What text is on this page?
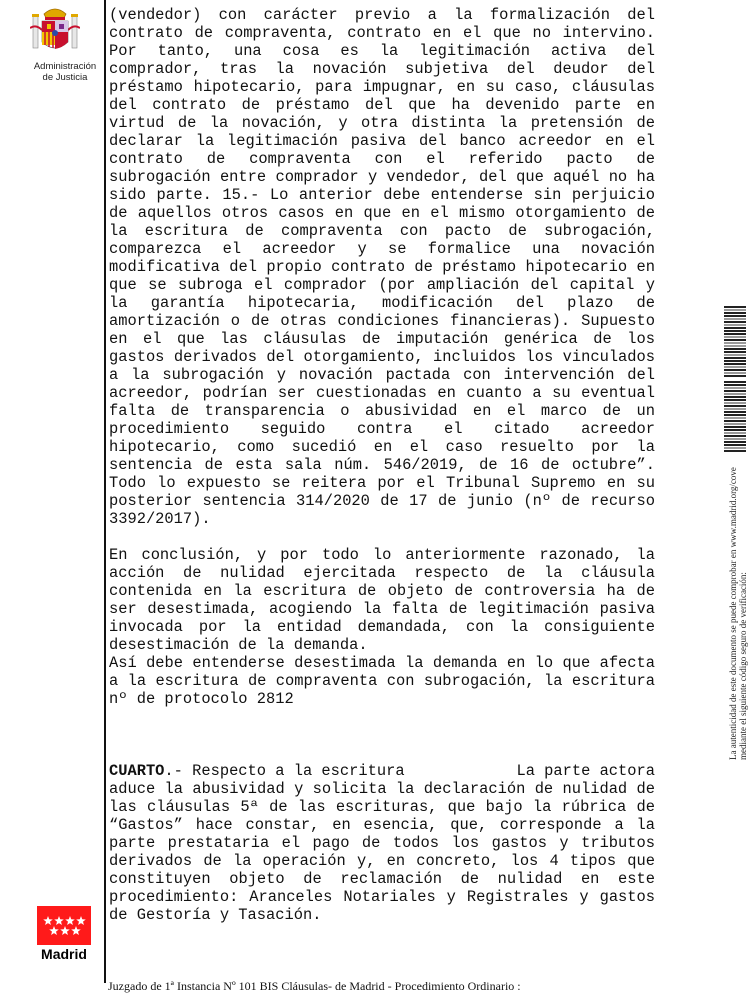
Administración
de Justicia
(vendedor) con carácter previo a la formalización del
contrato de compraventa, contrato en el que no intervino.
Por tanto, una cosa es la legitimación activa del
comprador, tras la novación subjetiva del deudor del
préstamo hipotecario, para impugnar, en su caso, cláusulas
del contrato de préstamo del que ha devenido parte en
virtud de la novación, y otra distinta la pretensión de
declarar la legitimación pasiva del banco acreedor en el
contrato de compraventa con el referido pacto de
subrogación entre comprador y vendedor, del que aquél no ha
sido parte. 15.- Lo anterior debe entenderse sin perjuicio
de aquellos otros casos en que en el mismo otorgamiento de
la escritura de compraventa con pacto de subrogación,
comparezca el acreedor y se formalice una novación
modificativa del propio contrato de préstamo hipotecario en
que se subroga el comprador (por ampliación del capital y
la garantía hipotecaria, modificación del plazo de
amortización o de otras condiciones financieras). Supuesto
en el que las cláusulas de imputación genérica de los
gastos derivados del otorgamiento, incluidos los vinculados
a la subrogación y novación pactada con intervención del
acreedor, podrían ser cuestionadas en cuanto a su eventual
falta de transparencia o abusividad en el marco de un
procedimiento seguido contra el citado acreedor
hipotecario, como sucedió en el caso resuelto por la
sentencia de esta sala núm. 546/2019, de 16 de octubre”.
Todo lo expuesto se reitera por el Tribunal Supremo en su
posterior sentencia 314/2020 de 17 de junio (nº de recurso
3392/2017).
En conclusión, y por todo lo anteriormente razonado, la
acción de nulidad ejercitada respecto de la cláusula
contenida en la escritura de objeto de controversia ha de
ser desestimada, acogiendo la falta de legitimación pasiva
invocada por la entidad demandada, con la consiguiente
desestimación de la demanda.
Así debe entenderse desestimada la demanda en lo que afecta
a la escritura de compraventa con subrogación, la escritura
nº de protocolo 2812
CUARTO.- Respecto a la escritura	La parte actora
aduce la abusividad y solicita la declaración de nulidad de
las cláusulas 5ª de las escrituras, que bajo la rúbrica de
“Gastos” hace constar, en esencia, que, corresponde a la
parte prestataria el pago de todos los gastos y tributos
derivados de la operación y, en concreto, los 4 tipos que
constituyen objeto de reclamación de nulidad en este
procedimiento: Aranceles Notariales y Registrales y gastos
de Gestoría y Tasación.
Madrid
Juzgado de 1ª Instancia Nº 101 BIS Cláusulas- de Madrid - Procedimiento Ordinario :
La autenticidad de este documento se puede comprobar en www.madrid.org/cove mediante el siguiente código seguro de verificación:
